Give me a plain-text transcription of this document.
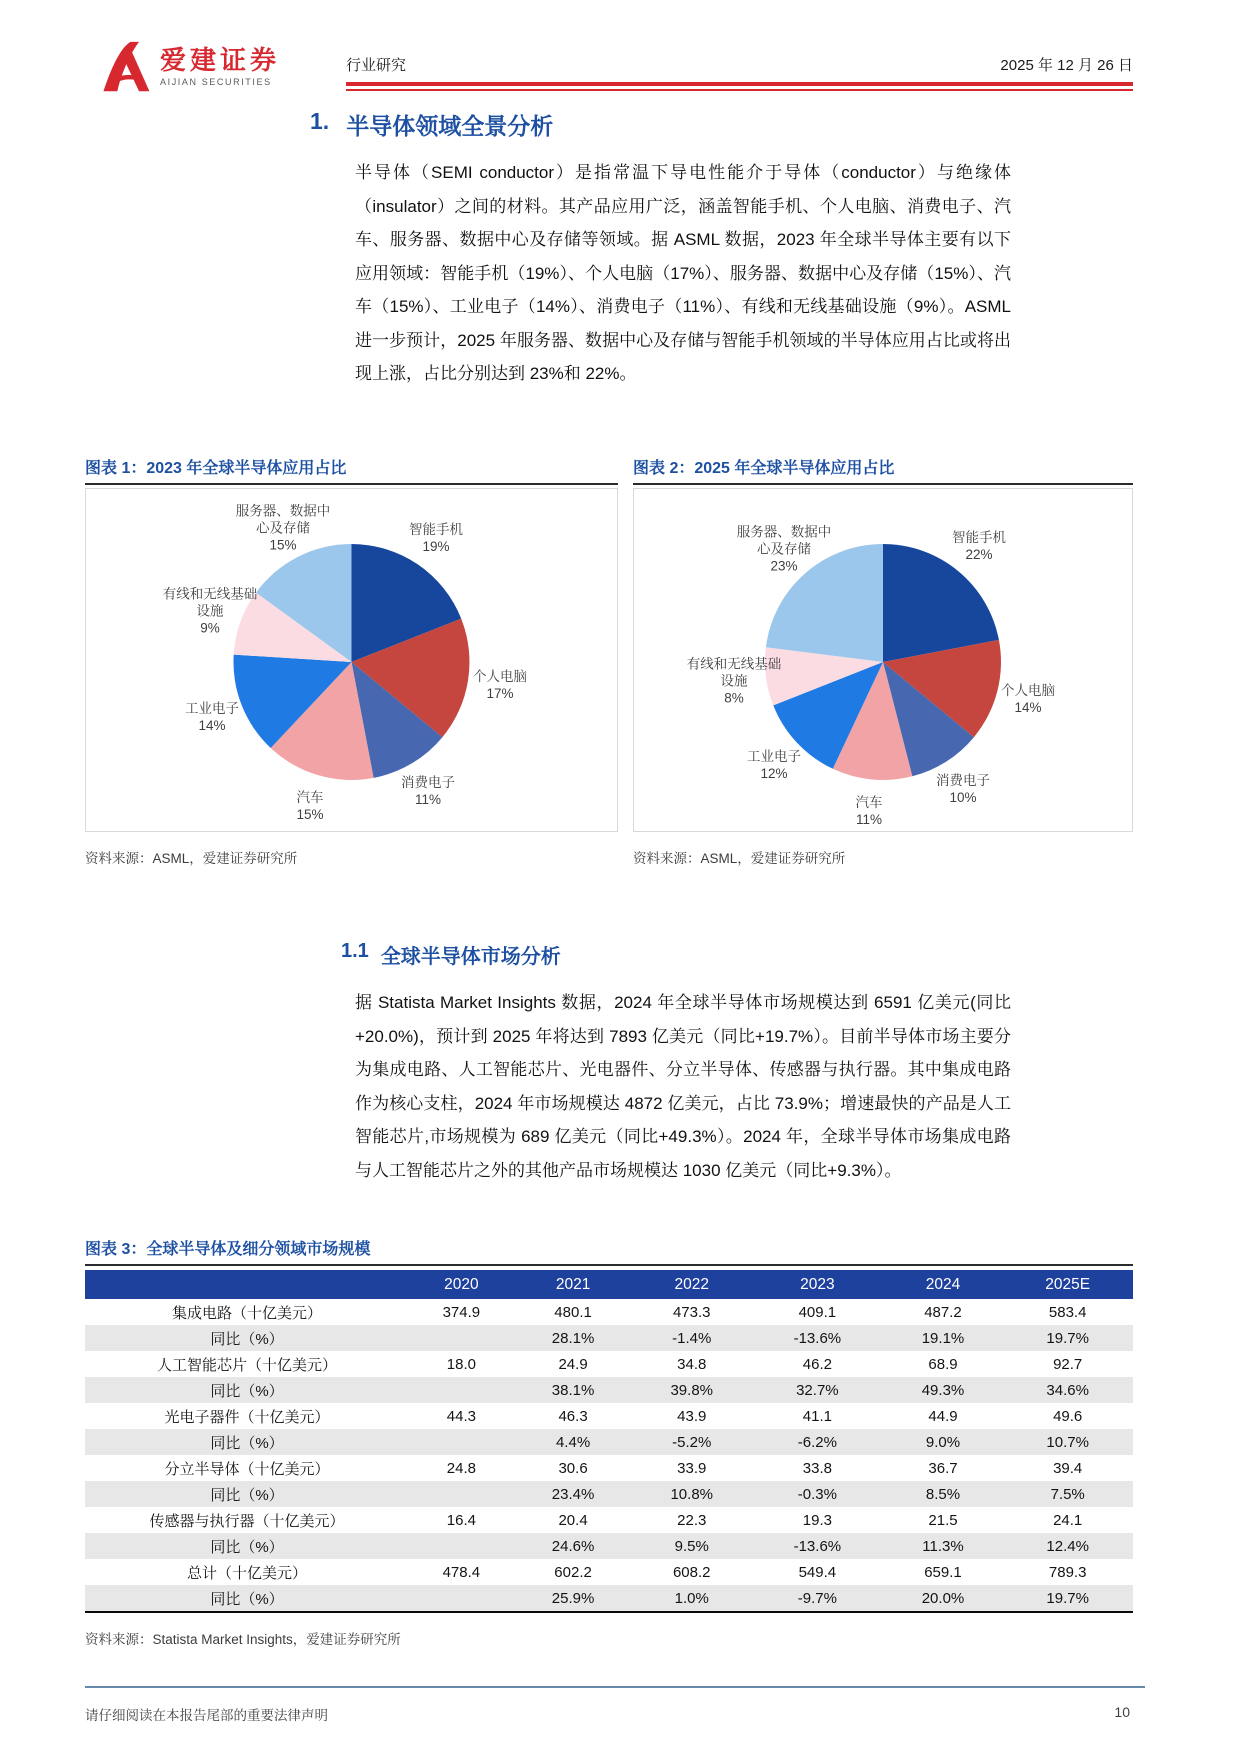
爱建证券
AIJIAN SECURITIES
行业研究	2025 年 12 月 26 日
1. 半导体领域全景分析
半导体（SEMI conductor）是指常温下导电性能介于导体（conductor）与绝缘体（insulator）之间的材料。其产品应用广泛，涵盖智能手机、个人电脑、消费电子、汽车、服务器、数据中心及存储等领域。据 ASML 数据，2023 年全球半导体主要有以下应用领域：智能手机（19%）、个人电脑（17%）、服务器、数据中心及存储（15%）、汽车（15%）、工业电子（14%）、消费电子（11%）、有线和无线基础设施（9%）。ASML 进一步预计，2025 年服务器、数据中心及存储与智能手机领域的半导体应用占比或将出现上涨，占比分别达到 23%和 22%。
图表 1：2023 年全球半导体应用占比
智能手机
19%
个人电脑
17%
消费电子
11%
汽车
15%
工业电子
14%
有线和无线基础
设施
9%
服务器、数据中
心及存储
15%
资料来源：ASML，爱建证券研究所
图表 2：2025 年全球半导体应用占比
智能手机
22%
个人电脑
14%
消费电子
10%
汽车
11%
工业电子
12%
有线和无线基础
设施
8%
服务器、数据中
心及存储
23%
资料来源：ASML，爱建证券研究所
1.1 全球半导体市场分析
据 Statista Market Insights 数据，2024 年全球半导体市场规模达到 6591 亿美元(同比+20.0%)，预计到 2025 年将达到 7893 亿美元（同比+19.7%）。目前半导体市场主要分为集成电路、人工智能芯片、光电器件、分立半导体、传感器与执行器。其中集成电路作为核心支柱，2024 年市场规模达 4872 亿美元，占比 73.9%；增速最快的产品是人工智能芯片,市场规模为 689 亿美元（同比+49.3%）。2024 年，全球半导体市场集成电路与人工智能芯片之外的其他产品市场规模达 1030 亿美元（同比+9.3%）。
图表 3：全球半导体及细分领域市场规模
	2020	2021	2022	2023	2024	2025E
集成电路（十亿美元）	374.9	480.1	473.3	409.1	487.2	583.4
同比（%）		28.1%	-1.4%	-13.6%	19.1%	19.7%
人工智能芯片（十亿美元）	18.0	24.9	34.8	46.2	68.9	92.7
同比（%）		38.1%	39.8%	32.7%	49.3%	34.6%
光电子器件（十亿美元）	44.3	46.3	43.9	41.1	44.9	49.6
同比（%）		4.4%	-5.2%	-6.2%	9.0%	10.7%
分立半导体（十亿美元）	24.8	30.6	33.9	33.8	36.7	39.4
同比（%）		23.4%	10.8%	-0.3%	8.5%	7.5%
传感器与执行器（十亿美元）	16.4	20.4	22.3	19.3	21.5	24.1
同比（%）		24.6%	9.5%	-13.6%	11.3%	12.4%
总计（十亿美元）	478.4	602.2	608.2	549.4	659.1	789.3
同比（%）		25.9%	1.0%	-9.7%	20.0%	19.7%
资料来源：Statista Market Insights，爱建证券研究所
请仔细阅读在本报告尾部的重要法律声明	10
